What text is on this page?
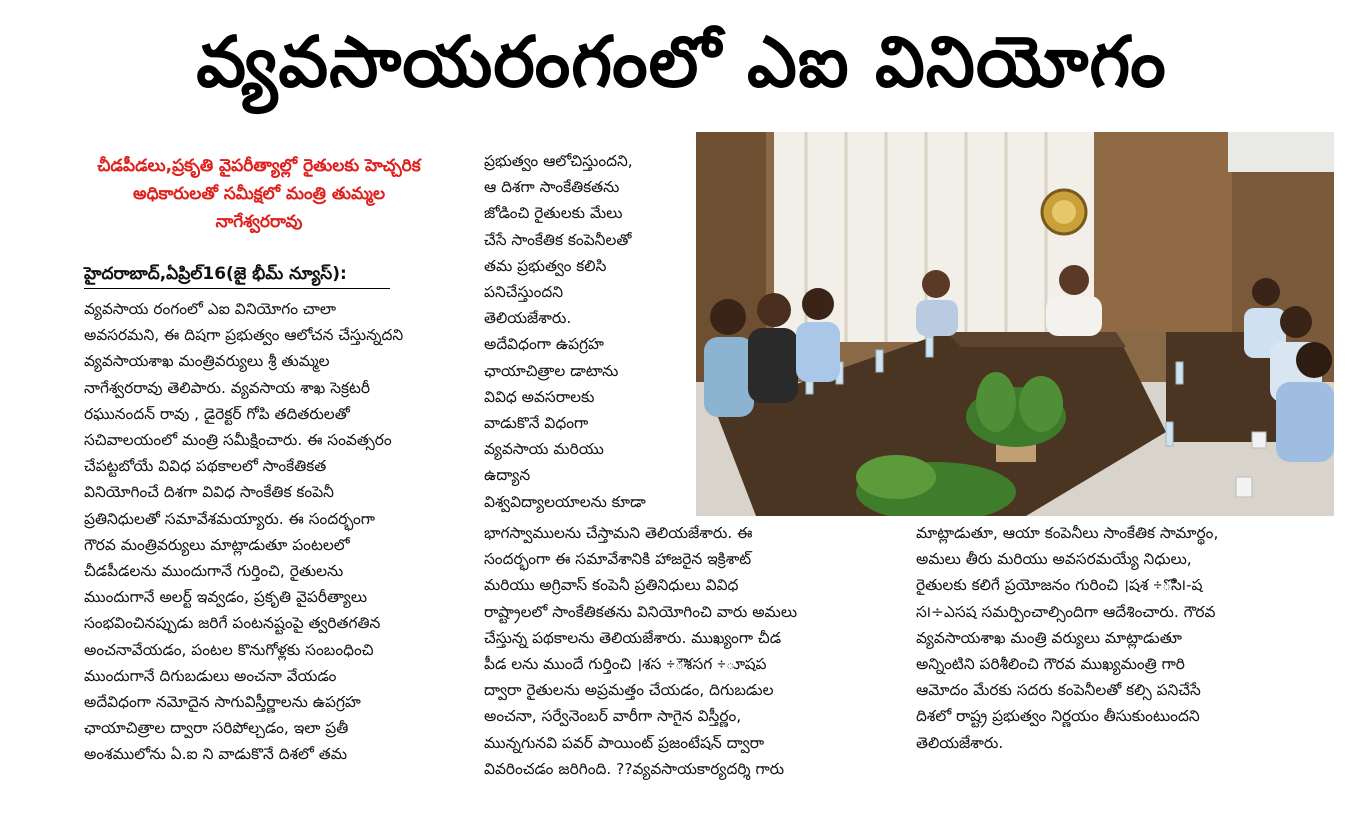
వ్యవసాయరంగంలో ఎఐ వినియోగం
చీడపీడలు,ప్రకృతి వైపరీత్యాల్లో రైతులకు హెచ్చరిక
అధికారులతో సమీక్షలో మంత్రి తుమ్మల
నాగేశ్వరరావు
హైదరాబాద్,ఏప్రిల్16(జై భీమ్ న్యూస్):
వ్యవసాయ రంగంలో ఎఐ వినియోగం చాలా
అవసరమని, ఈ దిషగా ప్రభుత్వం ఆలోచన చేస్తున్నదని
వ్యవసాయశాఖ మంత్రివర్యులు శ్రీ తుమ్మల
నాగేశ్వరరావు తెలిపారు. వ్యవసాయ శాఖ సెక్రటరీ
రఘునందన్ రావు , డైరెక్టర్ గోపి తదితరులతో
సచివాలయంలో మంత్రి సమీక్షించారు. ఈ సంవత్సరం
చేపట్టబోయే వివిధ పథకాలలో సాంకేతికత
వినియోగించే దిశగా వివిధ సాంకేతిక కంపెనీ
ప్రతినిధులతో సమావేశమయ్యారు. ఈ సందర్భంగా
గౌరవ మంత్రివర్యులు మాట్లాడుతూ పంటలలో
చీడపీడలను ముందుగానే గుర్తించి, రైతులను
ముందుగానే అలర్ట్ ఇవ్వడం, ప్రకృతి వైపరీత్యాలు
సంభవించినప్పుడు జరిగే పంటనష్టంపై త్వరితగతిన
అంచనావేయడం, పంటల కొనుగోళ్లకు సంబంధించి
ముందుగానే దిగుబడులు అంచనా వేయడం
అదేవిధంగా నమోదైన సాగువిస్తీర్ణాలను ఉపగ్రహ
ఛాయాచిత్రాల ద్వారా సరిపోల్చడం, ఇలా ప్రతీ
అంశములోను ఏ.ఐ ని వాడుకొనే దిశలో తమ
ప్రభుత్వం ఆలోచిస్తుందని,
ఆ దిశగా సాంకేతికతను
జోడించి రైతులకు మేలు
చేసే సాంకేతిక కంపెనీలతో
తమ ప్రభుత్వం కలిసి
పనిచేస్తుందని
తెలియజేశారు.
అదేవిధంగా ఉపగ్రహ
ఛాయాచిత్రాల డాటాను
వివిధ అవసరాలకు
వాడుకొనే విధంగా
వ్యవసాయ మరియు
ఉద్యాన
విశ్వవిద్యాలయాలను కూడా
భాగస్వాములను చేస్తామని తెలియజేశారు. ఈ
సందర్భంగా ఈ సమావేశానికి హాజరైన ఇక్రిశాట్
మరియు అగ్రివాస్ కంపెనీ ప్రతినిధులు వివిధ
రాష్ట్రాలలో సాంకేతికతను వినియోగించి వారు అమలు
చేస్తున్న పథకాలను తెలియజేశారు. ముఖ్యంగా చీడ
పీడ లను ముందే గుర్తించి ।శస ÷ౌశసగ ÷ూషప
ద్వారా రైతులను అప్రమత్తం చేయడం, దిగుబడుల
అంచనా, సర్వేనెంబర్ వారీగా సాగైన విస్తీర్ణం,
మున్నగునవి పవర్ పాయింట్ ప్రజంటేషన్ ద్వారా
వివరించడం జరిగింది. ??వ్యవసాయకార్యదర్శి గారు
మాట్లాడుతూ, ఆయా కంపెనీలు సాంకేతిక సామార్థం,
అమలు తీరు మరియు అవసరమయ్యే నిధులు,
రైతులకు కలిగే ప్రయోజనం గురించి ।షశ ÷ొసి౹-ష
స౹÷ఎసష సమర్పించాల్సిందిగా ఆదేశించారు. గౌరవ
వ్యవసాయశాఖ మంత్రి వర్యులు మాట్లాడుతూ
అన్నింటిని పరిశీలించి గౌరవ ముఖ్యమంత్రి గారి
ఆమోదం మేరకు సదరు కంపెనీలతో కల్సి పనిచేసే
దిశలో రాష్ట్ర ప్రభుత్వం నిర్ణయం తీసుకుంటుందని
తెలియజేశారు.
